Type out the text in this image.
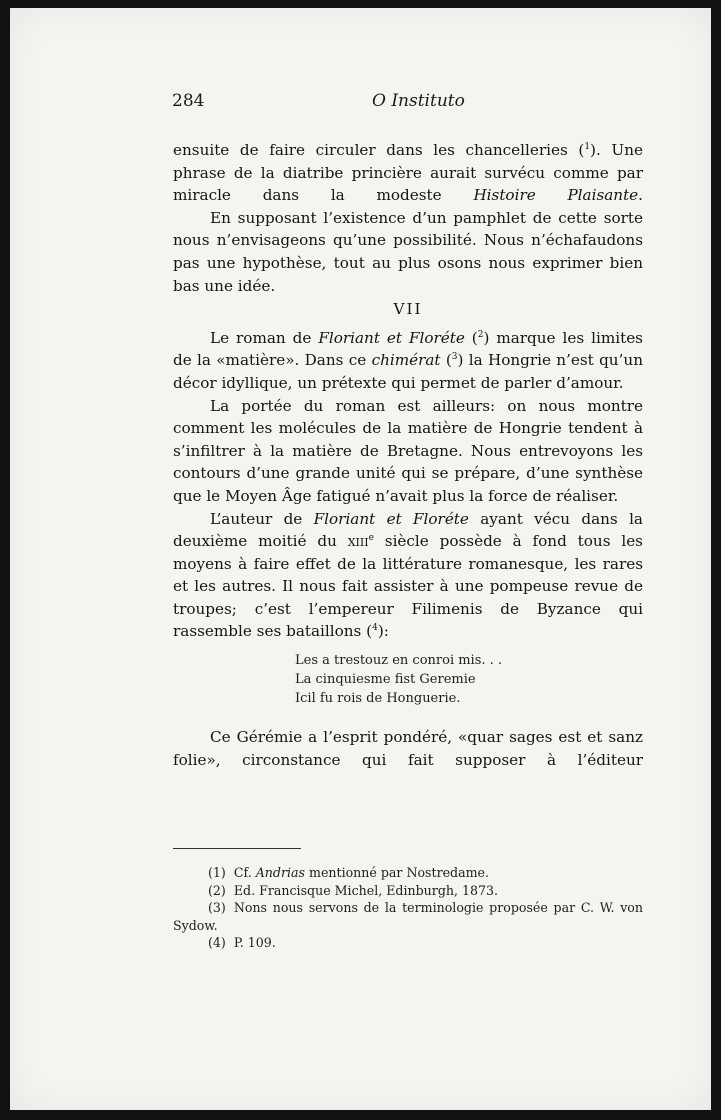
284	O Instituto

ensuite de faire circuler dans les chancelleries ($^1$). Une phrase de la diatribe princière aurait survécu comme par miracle dans la modeste Histoire Plaisante.

En supposant l’existence d’un pamphlet de cette sorte nous n’envisageons qu’une possibilité. Nous n’échafaudons pas une hypothèse, tout au plus osons nous exprimer bien bas une idée.

VII

Le roman de Floriant et Floréte ($^2$) marque les limites de la «matière». Dans ce chimérat ($^3$) la Hongrie n’est qu’un décor idyllique, un prétexte qui permet de parler d’amour.

La portée du roman est ailleurs: on nous montre comment les molécules de la matière de Hongrie tendent à s’infiltrer à la matière de Bretagne. Nous entrevoyons les contours d’une grande unité qui se prépare, d’une synthèse que le Moyen Âge fatigué n’avait plus la force de réaliser.

L’auteur de Floriant et Floréte ayant vécu dans la deuxième moitié du xiii$^e$ siècle possède à fond tous les moyens à faire effet de la littérature romanesque, les rares et les autres. Il nous fait assister à une pompeuse revue de troupes; c’est l’empereur Filimenis de Byzance qui rassemble ses bataillons ($^4$):

Les a trestouz en conroi mis. . .
La cinquiesme fist Geremie
Icil fu rois de Honguerie.

Ce Gérémie a l’esprit pondéré, «quar sages est et sanz folie», circonstance qui fait supposer à l’éditeur

(1) Cf. Andrias mentionné par Nostredame.
(2) Ed. Francisque Michel, Edinburgh, 1873.
(3) Nons nous servons de la terminologie proposée par C. W. von Sydow.
(4) P. 109.
